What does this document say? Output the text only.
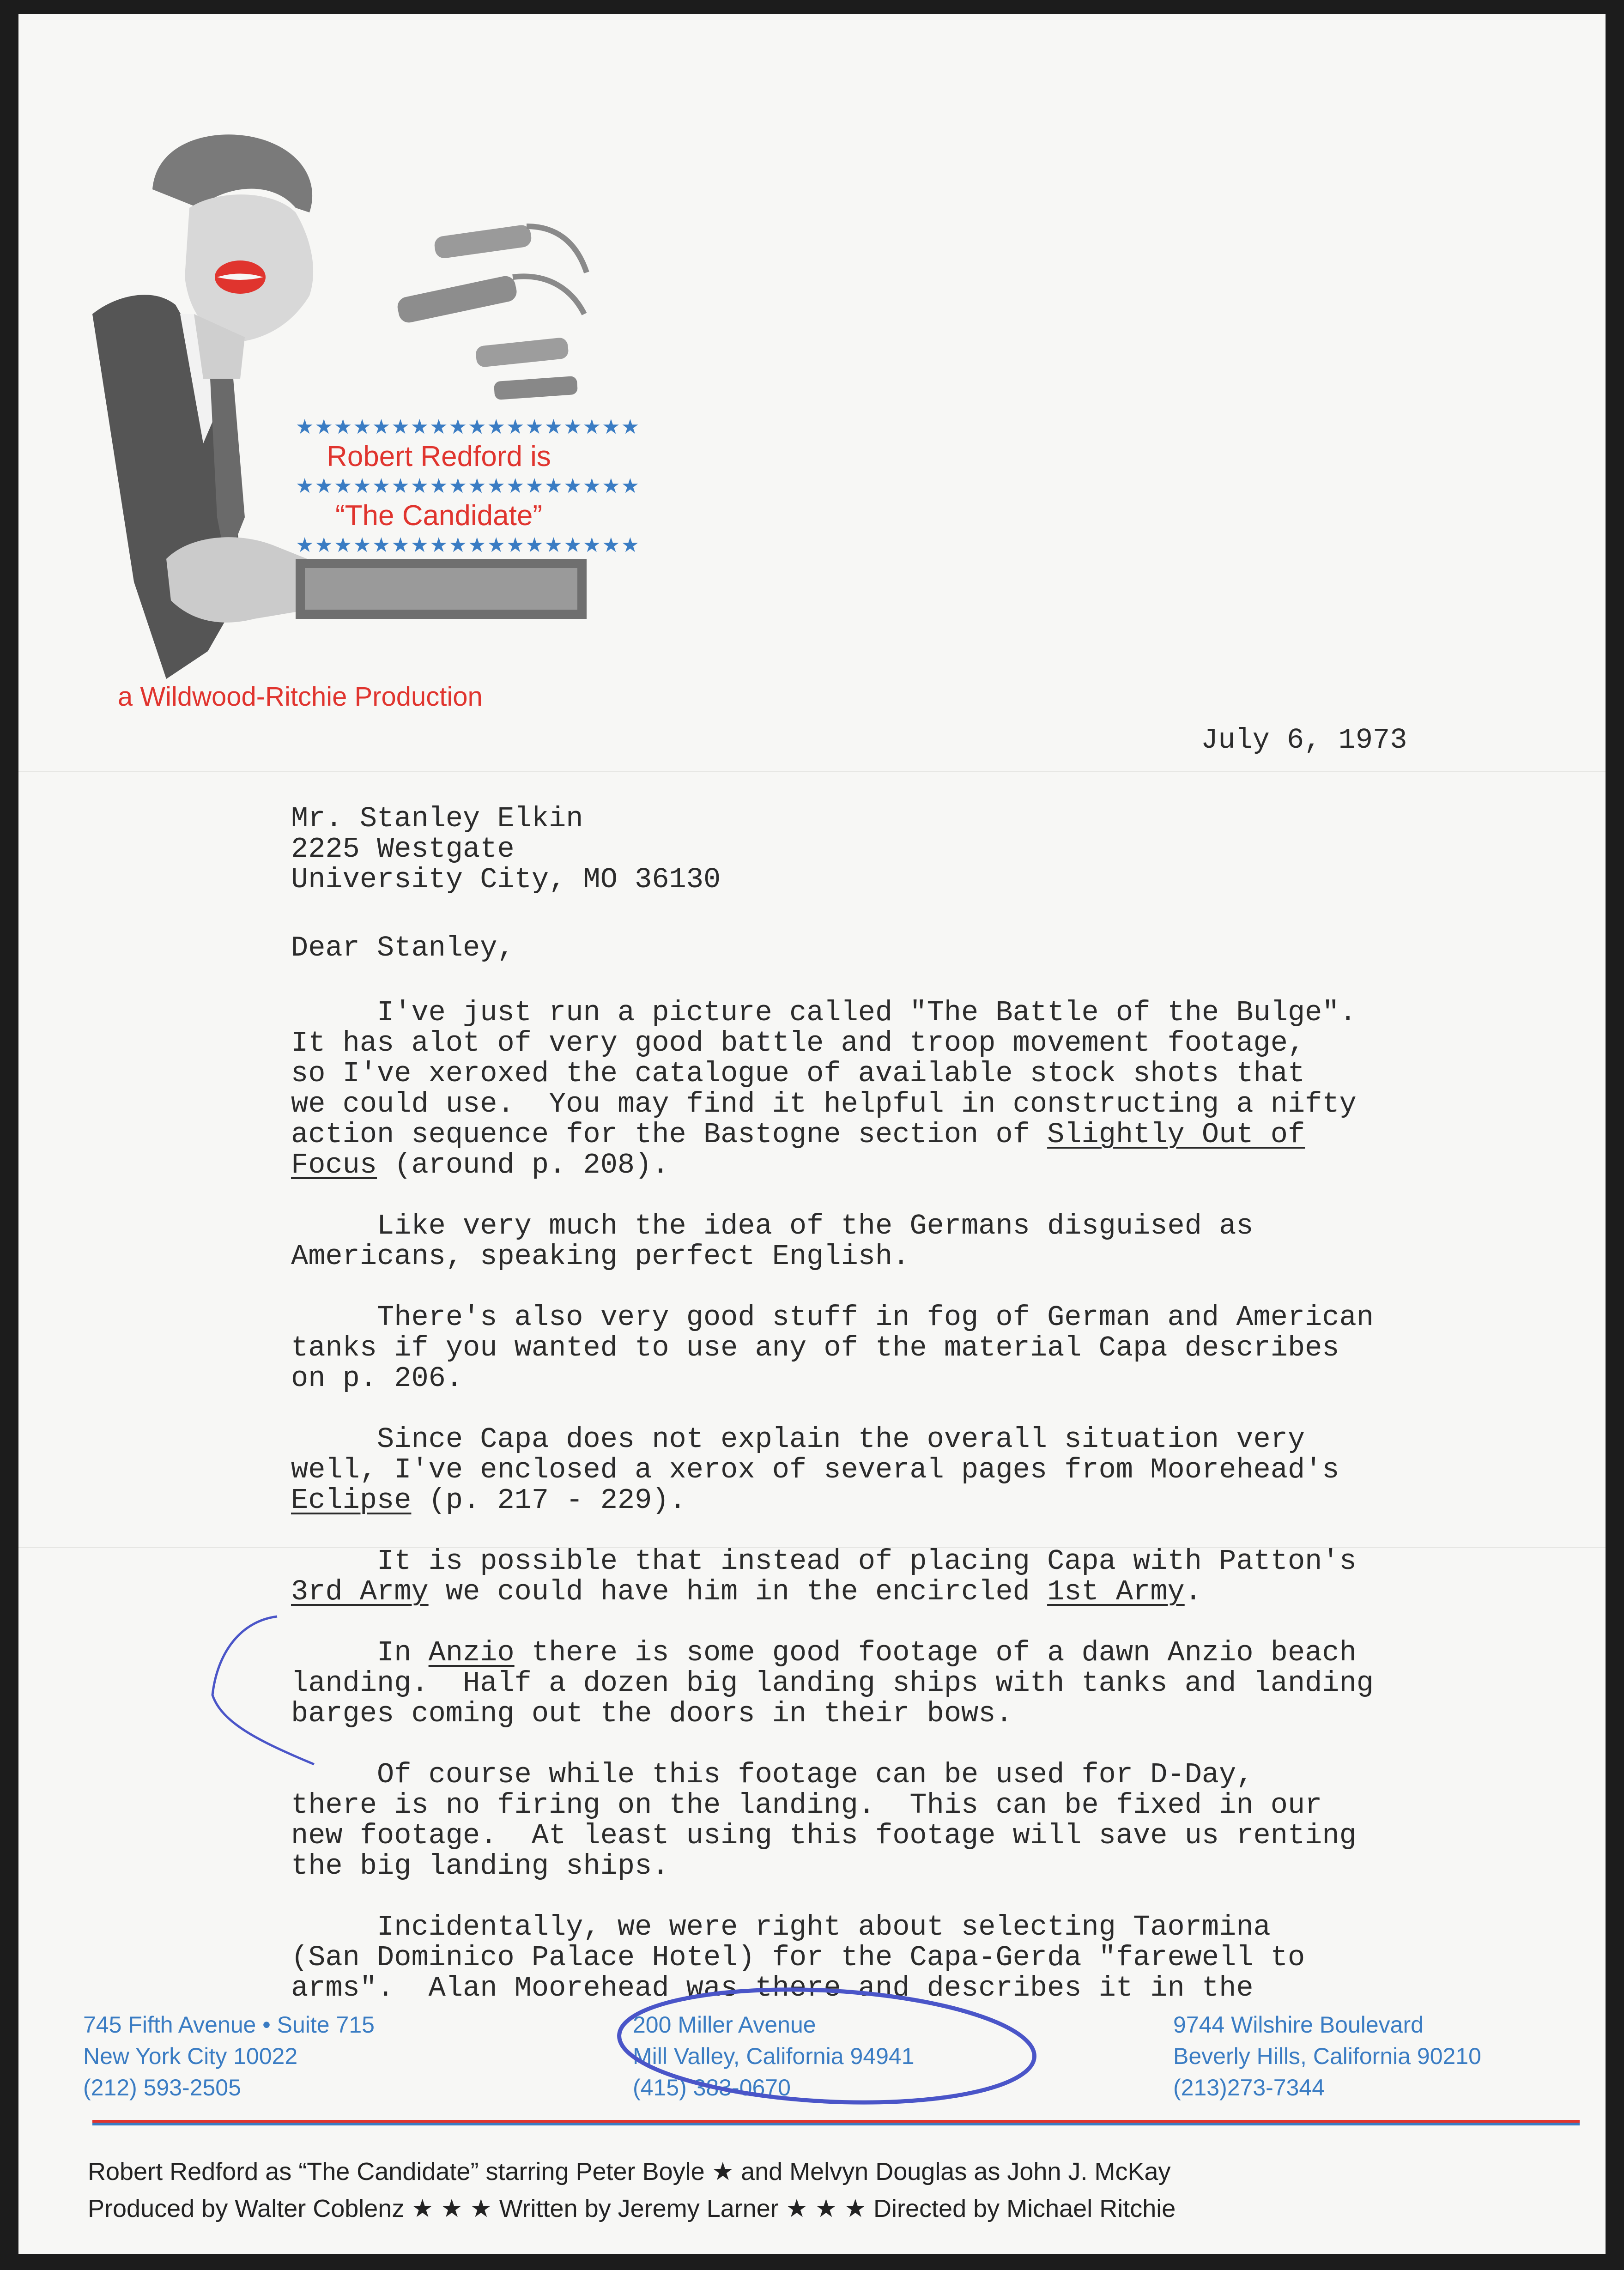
★★★★★★★★★★★★★★★★★★
Robert Redford is
★★★★★★★★★★★★★★★★★★
“The Candidate”
★★★★★★★★★★★★★★★★★★
a Wildwood-Ritchie Production
July 6, 1973
Mr. Stanley Elkin
2225 Westgate
University City, MO 36130
Dear Stanley,
I've just run a picture called "The Battle of the Bulge".
It has alot of very good battle and troop movement footage,
so I've xeroxed the catalogue of available stock shots that
we could use.  You may find it helpful in constructing a nifty
action sequence for the Bastogne section of Slightly Out of
Focus (around p. 208).

Like very much the idea of the Germans disguised as
Americans, speaking perfect English.

There's also very good stuff in fog of German and American
tanks if you wanted to use any of the material Capa describes
on p. 206.

Since Capa does not explain the overall situation very
well, I've enclosed a xerox of several pages from Moorehead's
Eclipse (p. 217 - 229).

It is possible that instead of placing Capa with Patton's
3rd Army we could have him in the encircled 1st Army.

In Anzio there is some good footage of a dawn Anzio beach
landing.  Half a dozen big landing ships with tanks and landing
barges coming out the doors in their bows.

Of course while this footage can be used for D-Day,
there is no firing on the landing.  This can be fixed in our
new footage.  At least using this footage will save us renting
the big landing ships.

Incidentally, we were right about selecting Taormina
(San Dominico Palace Hotel) for the Capa-Gerda "farewell to
arms".  Alan Moorehead was there and describes it in the
745 Fifth Avenue • Suite 715
New York City 10022
(212) 593-2505
200 Miller Avenue
Mill Valley, California 94941
(415) 383-0670
9744 Wilshire Boulevard
Beverly Hills, California 90210
(213)273-7344
Robert Redford as “The Candidate” starring Peter Boyle ★ and Melvyn Douglas as John J. McKay
Produced by Walter Coblenz ★ ★ ★ Written by Jeremy Larner ★ ★ ★ Directed by Michael Ritchie
